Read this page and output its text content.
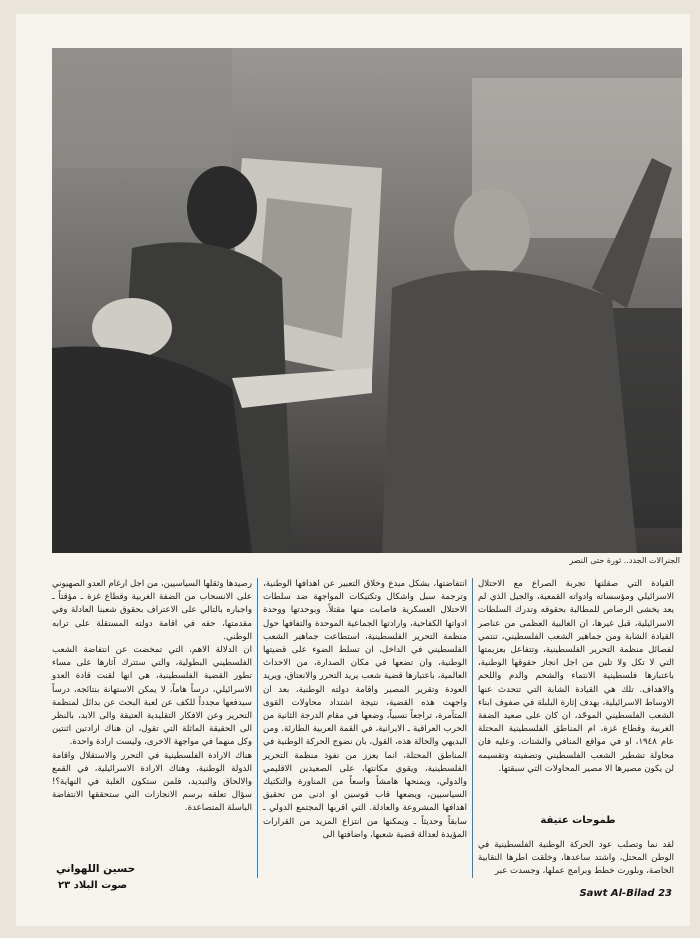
الجنرالات الجدد.. ثورة حتى النصر

القيادة التي صقلتها تجربة الصراع مع الاحتلال الاسرائيلي ومؤسساته وادواته القمعية، والجيل الذي لم يعد يخشى الرصاص للمطالبة بحقوقه وتدرك السلطات الاسرائيلية، قبل غيرها، ان الغالبية العظمى من عناصر القيادة الشابة ومن جماهير الشعب الفلسطيني، تنتمي لفصائل منظمة التحرير الفلسطينية، وتتفاعل بعزيمتها التي لا تكل ولا تلين من اجل انجاز حقوقها الوطنية، باعتبارها فلسطينية الانتماء والشحم والدم واللحم والاهداف. تلك هي القيادة الشابة التي تتحدث عنها الاوساط الاسرائيلية، بهدف إثارة البلبلة في صفوف ابناء الشعب الفلسطيني الموحّد، ان كان على صعيد الضفة الغربية وقطاع غزة، ام المناطق الفلسطينية المحتلة عام ١٩٤٨، او في مواقع المنافي والشتات. وعليه فان محاولة تشطير الشعب الفلسطيني وتصفيته وتقسيمه لن يكون مصيرها الا مصير المحاولات التي سبقتها.

طموحات عتيقة

لقد نما وتصلب عود الحركة الوطنية الفلسطينية في الوطن المحتل، واشتد ساعدها، وخلقت اطرها النقابية الخاصة، وبلورت خطط وبرامج عملها، وجسدت عبر

انتفاضتها، بشكل مبدع وخلاق التعبير عن اهدافها الوطنية، وترجمة سبل واشكال وتكتيكات المواجهة ضد سلطات الاحتلال العسكرية فاصابت منها مقتلاً. وبوحدتها ووحدة ادواتها الكفاحية، وارادتها الجماعية الموحدة والتفافها حول منظمة التحرير الفلسطينية، استطاعت جماهير الشعب الفلسطيني في الداخل، ان تسلط الضوء على قضيتها الوطنية، وان تضعها في مكان الصدارة، من الاحداث العالمية، باعتبارها قضية شعب يريد التحرر والانعتاق، ويريد العودة وتقرير المصير واقامة دولته الوطنية، بعد ان واجهت هذه القضية، نتيجة اشتداد محاولات القوى المتآمرة، تراجعاً نسبياً، وضعها في مقام الدرجة الثانية من الحرب العراقية ـ الايرانية، في القمة العربية الطارئة. ومن البديهي والحالة هذه، القول، بان نضوج الحركة الوطنية في المناطق المحتلة، انما يعزز من نفوذ منظمة التحرير الفلسطينية، ويقوي مكانتها، على الصعيدين الاقليمي والدولي، ويمنحها هامشاً واسعاً من المناورة والتكتيك السياسيين، ويضعها قاب قوسين او ادنى من تحقيق اهدافها المشروعة والعادلة. التي اقربها المجتمع الدولي ـ سابقاً وحديثاً ـ ويمكنها من انتزاع المزيد من القرارات المؤيدة لعدالة قضية شعبها، واضافتها الى

رصيدها وثقلها السياسيين، من اجل ارغام العدو الصهيوني على الانسحاب من الضفة الغربية وقطاع غزة ـ مؤقتاً ـ واجباره بالتالي على الاعتراف بحقوق شعبنا العادلة وفي مقدمتها، حقه في اقامة دولته المستقلة على ترابه الوطني.

ان الدلالة الاهم، التي تمخضت عن انتفاضة الشعب الفلسطيني البطولية، والتي ستترك آثارها على مساء تطور القضية الفلسطينية، هي انها لقنت قادة العدو الاسرائيلي، درساً هاماً، لا يمكن الاستهانة بنتائجه، درساً سيدفعها مجدداً للكف عن لعبة البحث عن بدائل لمنظمة التحرير وعن الافكار التقليدية العتيقة والى الابد، بالنظر الى الحقيقة الماثلة التي تقول، ان هناك ارادتين اثنتين وكل منهما في مواجهة الاخرى، وليست ارادة واحدة.

هناك الارادة الفلسطينية في التحرر والاستقلال واقامة الدولة الوطنية، وهناك الارادة الاسرائيلية، في القمع والالحاق والتبديد، فلمن ستكون الغلبة في النهاية؟! سؤال تعلقه برسم الانجازات التي ستحققها الانتفاضة الباسلة المتصاعدة.

حسين اللهواني
صوت البلاد ٢٣
Sawt Al-Bilad 23
